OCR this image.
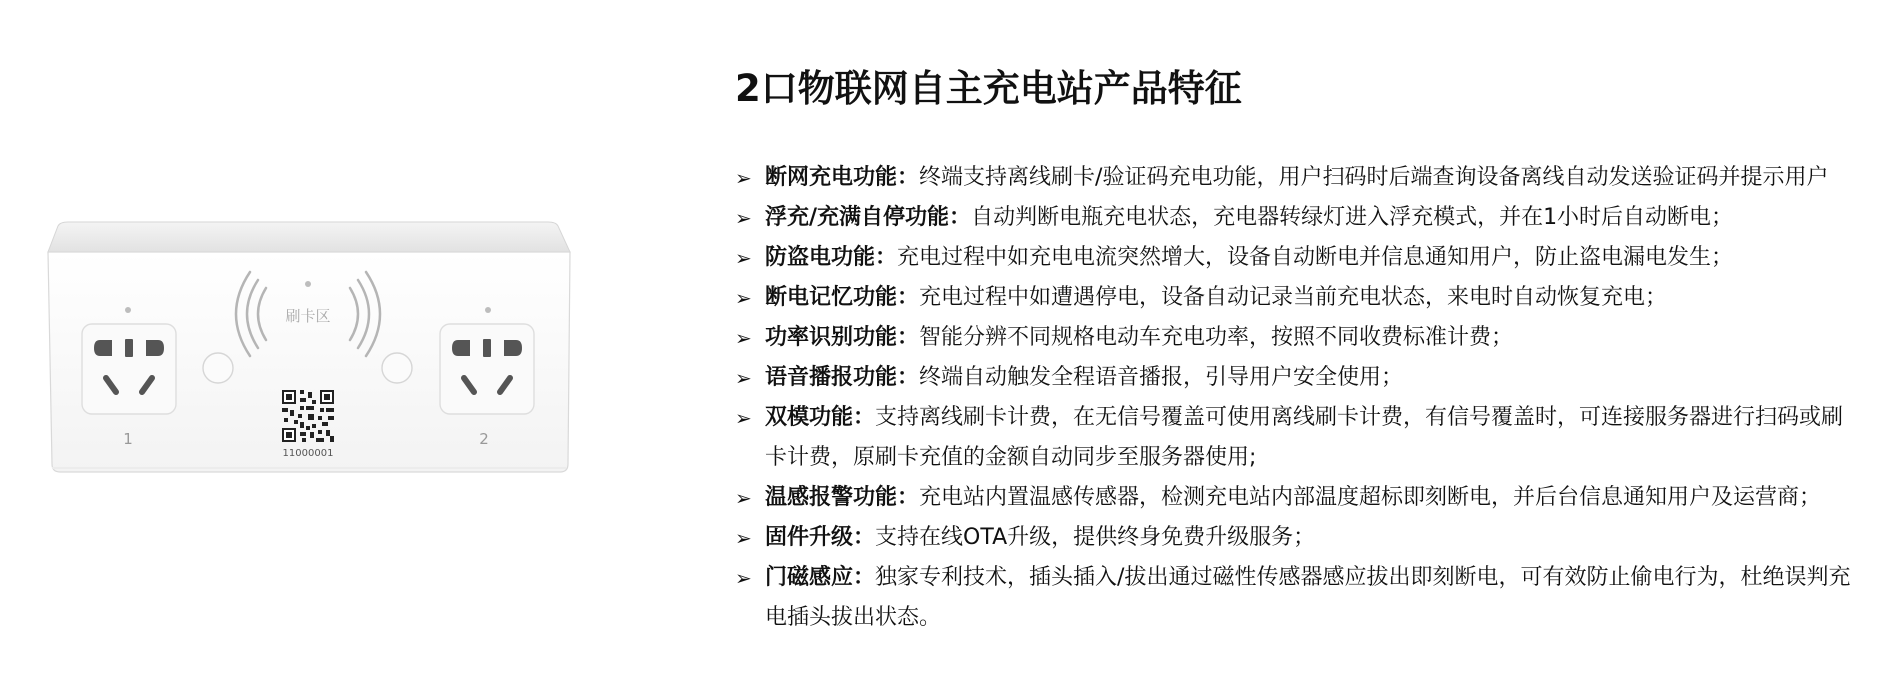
1
刷卡区
11000001
2
2口物联网自主充电站产品特征
➢ 断网充电功能：终端支持离线刷卡/验证码充电功能，用户扫码时后端查询设备离线自动发送验证码并提示用户
➢ 浮充/充满自停功能：自动判断电瓶充电状态，充电器转绿灯进入浮充模式，并在1小时后自动断电；
➢ 防盗电功能：充电过程中如充电电流突然增大，设备自动断电并信息通知用户，防止盗电漏电发生；
➢ 断电记忆功能：充电过程中如遭遇停电，设备自动记录当前充电状态，来电时自动恢复充电；
➢ 功率识别功能：智能分辨不同规格电动车充电功率，按照不同收费标准计费；
➢ 语音播报功能：终端自动触发全程语音播报，引导用户安全使用；
➢ 双模功能：支持离线刷卡计费，在无信号覆盖可使用离线刷卡计费，有信号覆盖时，可连接服务器进行扫码或刷卡计费，原刷卡充值的金额自动同步至服务器使用;
➢ 温感报警功能：充电站内置温感传感器，检测充电站内部温度超标即刻断电，并后台信息通知用户及运营商；
➢ 固件升级：支持在线OTA升级，提供终身免费升级服务；
➢ 门磁感应：独家专利技术，插头插入/拔出通过磁性传感器感应拔出即刻断电，可有效防止偷电行为，杜绝误判充电插头拔出状态。
